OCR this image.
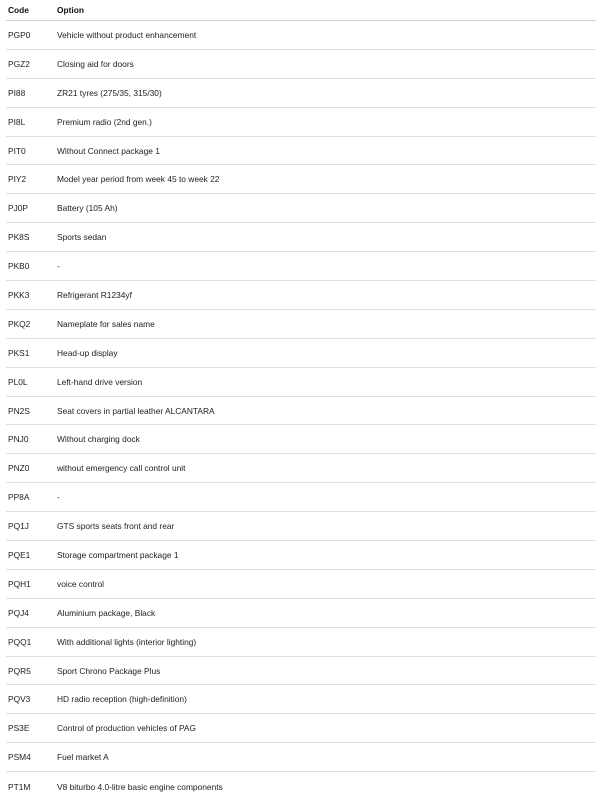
Code	Option
PGP0	Vehicle without product enhancement
PGZ2	Closing aid for doors
PI88	ZR21 tyres (275/35, 315/30)
PI8L	Premium radio (2nd gen.)
PIT0	Without Connect package 1
PIY2	Model year period from week 45 to week 22
PJ0P	Battery (105 Ah)
PK8S	Sports sedan
PKB0	-
PKK3	Refrigerant R1234yf
PKQ2	Nameplate for sales name
PKS1	Head-up display
PL0L	Left-hand drive version
PN2S	Seat covers in partial leather ALCANTARA
PNJ0	Without charging dock
PNZ0	without emergency call control unit
PP8A	-
PQ1J	GTS sports seats front and rear
PQE1	Storage compartment package 1
PQH1	voice control
PQJ4	Aluminium package, Black
PQQ1	With additional lights (interior lighting)
PQR5	Sport Chrono Package Plus
PQV3	HD radio reception (high-definition)
PS3E	Control of production vehicles of PAG
PSM4	Fuel market A
PT1M	V8 biturbo 4.0-litre basic engine components
